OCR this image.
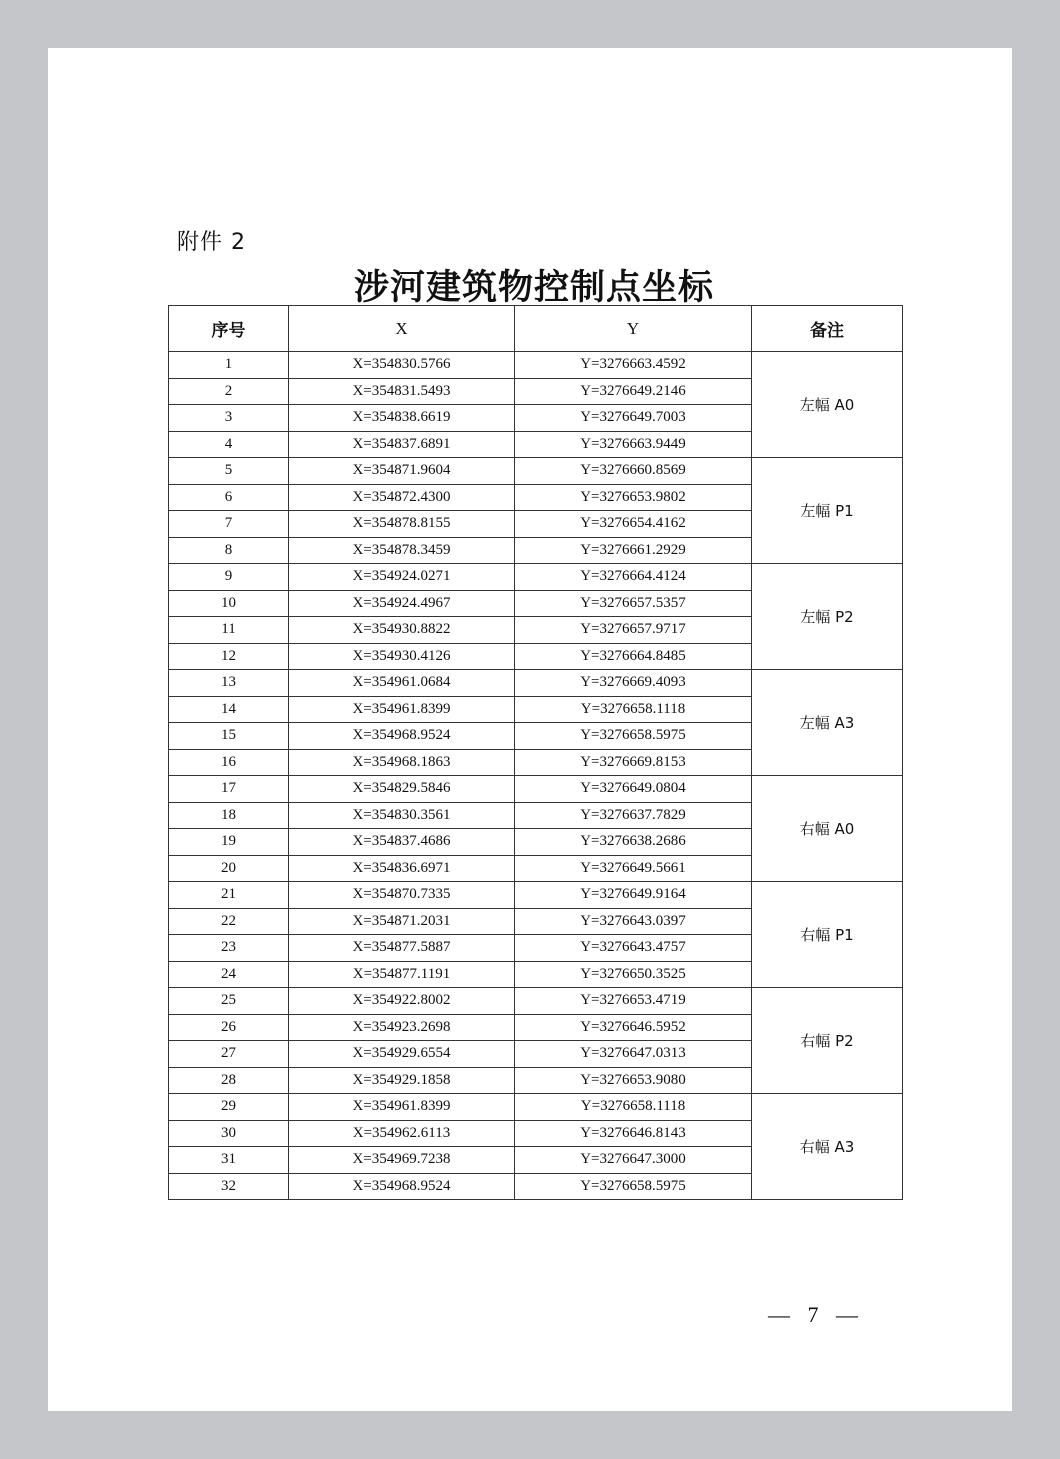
附件 2
涉河建筑物控制点坐标
序号	X	Y	备注
1	X=354830.5766	Y=3276663.4592	左幅 A0
2	X=354831.5493	Y=3276649.2146	
3	X=354838.6619	Y=3276649.7003	
4	X=354837.6891	Y=3276663.9449	
5	X=354871.9604	Y=3276660.8569	左幅 P1
6	X=354872.4300	Y=3276653.9802	
7	X=354878.8155	Y=3276654.4162	
8	X=354878.3459	Y=3276661.2929	
9	X=354924.0271	Y=3276664.4124	左幅 P2
10	X=354924.4967	Y=3276657.5357	
11	X=354930.8822	Y=3276657.9717	
12	X=354930.4126	Y=3276664.8485	
13	X=354961.0684	Y=3276669.4093	左幅 A3
14	X=354961.8399	Y=3276658.1118	
15	X=354968.9524	Y=3276658.5975	
16	X=354968.1863	Y=3276669.8153	
17	X=354829.5846	Y=3276649.0804	右幅 A0
18	X=354830.3561	Y=3276637.7829	
19	X=354837.4686	Y=3276638.2686	
20	X=354836.6971	Y=3276649.5661	
21	X=354870.7335	Y=3276649.9164	右幅 P1
22	X=354871.2031	Y=3276643.0397	
23	X=354877.5887	Y=3276643.4757	
24	X=354877.1191	Y=3276650.3525	
25	X=354922.8002	Y=3276653.4719	右幅 P2
26	X=354923.2698	Y=3276646.5952	
27	X=354929.6554	Y=3276647.0313	
28	X=354929.1858	Y=3276653.9080	
29	X=354961.8399	Y=3276658.1118	右幅 A3
30	X=354962.6113	Y=3276646.8143	
31	X=354969.7238	Y=3276647.3000	
32	X=354968.9524	Y=3276658.5975	
— 7 —
